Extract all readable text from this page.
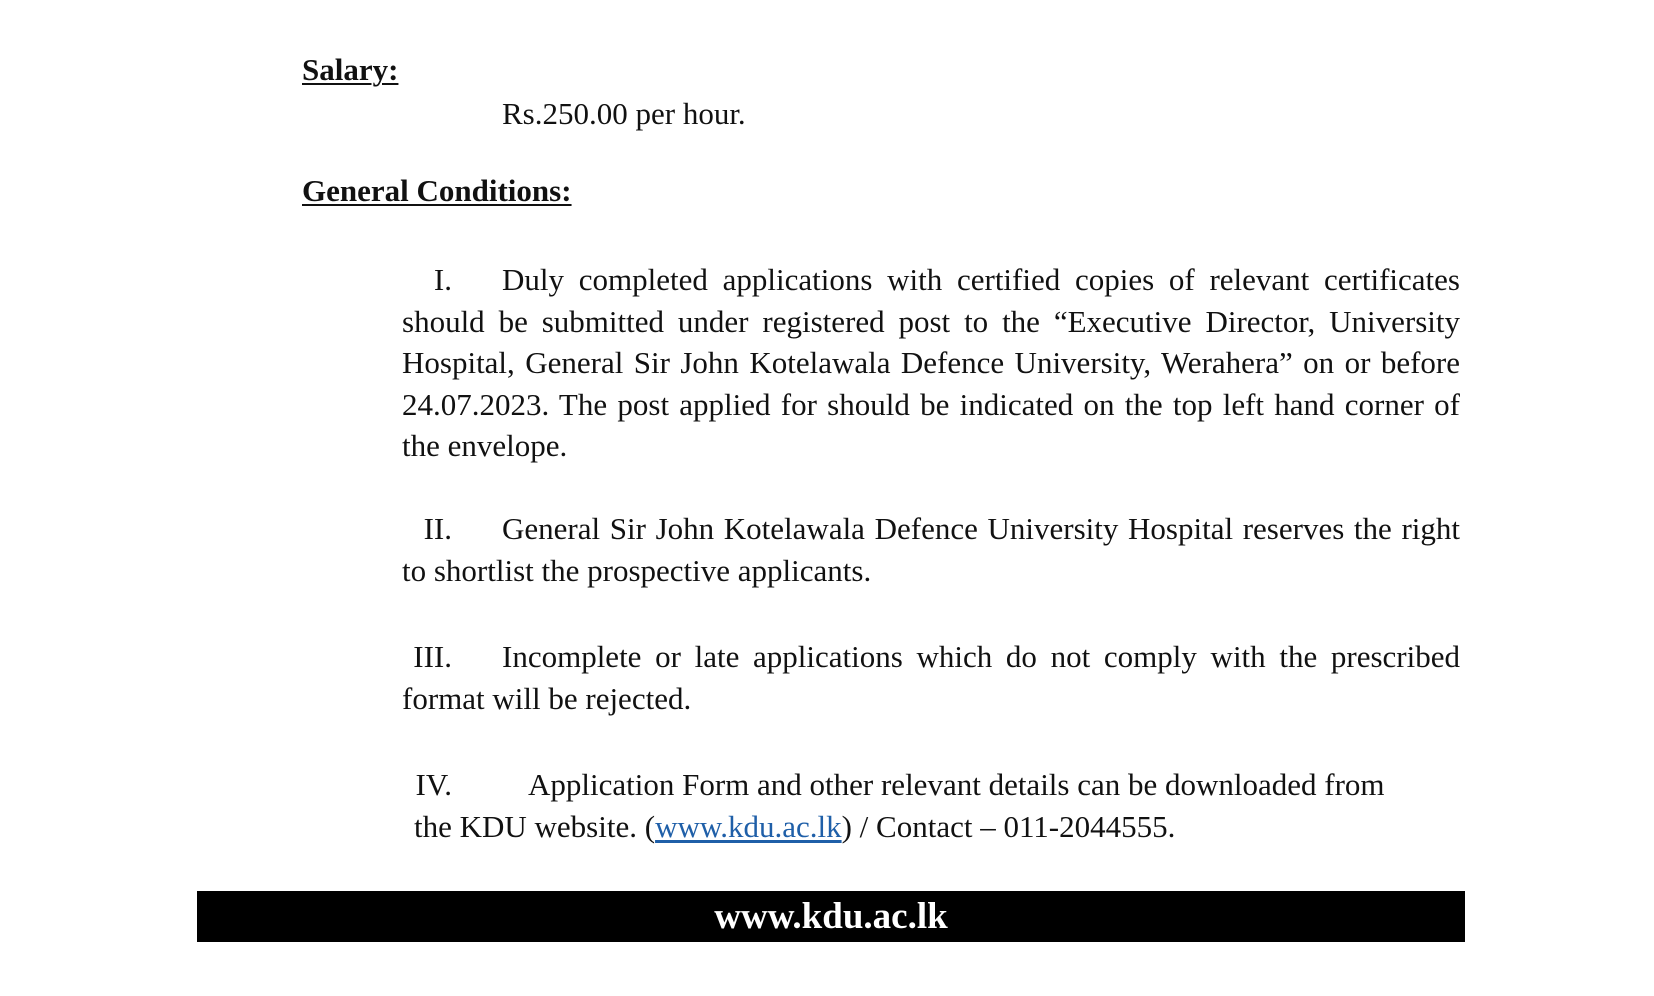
Salary:

Rs.250.00 per hour.

General Conditions:

I. Duly completed applications with certified copies of relevant certificates should be submitted under registered post to the “Executive Director, University Hospital, General Sir John Kotelawala Defence University, Werahera” on or before 24.07.2023. The post applied for should be indicated on the top left hand corner of the envelope.

II. General Sir John Kotelawala Defence University Hospital reserves the right to shortlist the prospective applicants.

III. Incomplete or late applications which do not comply with the prescribed format will be rejected.

IV. Application Form and other relevant details can be downloaded from
the KDU website. (www.kdu.ac.lk) / Contact – 011-2044555.

www.kdu.ac.lk
